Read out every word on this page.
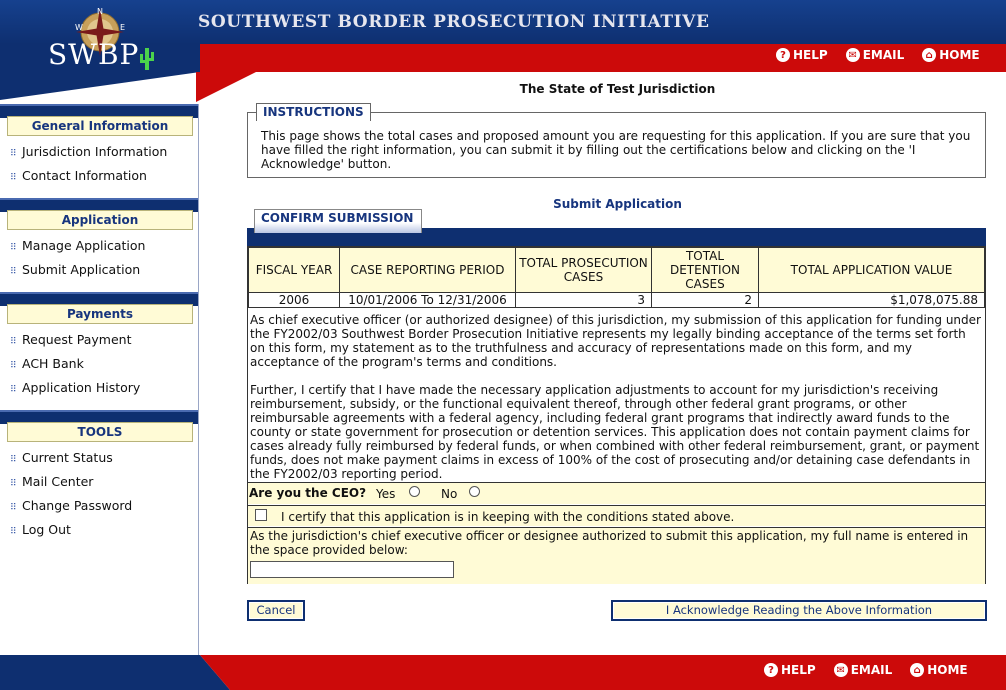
N
W	E
SWBP
SOUTHWEST BORDER PROSECUTION INITIATIVE
? HELP ✉ EMAIL	⌂ HOME
General Information
⠿ Jurisdiction Information
⠿ Contact Information
Application
⠿ Manage Application
⠿ Submit Application
Payments
⠿ Request Payment
⠿ ACH Bank
⠿ Application History
TOOLS
⠿ Current Status
⠿ Mail Center
⠿ Change Password
⠿ Log Out
The State of Test Jurisdiction
INSTRUCTIONS
This page shows the total cases and proposed amount you are requesting for this application. If you are sure that you have filled the right information, you can submit it by filling out the certifications below and clicking on the 'I Acknowledge' button.
Submit Application
CONFIRM SUBMISSION
FISCAL YEAR	CASE REPORTING PERIOD	TOTAL PROSECUTION CASES	TOTAL DETENTION CASES	TOTAL APPLICATION VALUE
2006	10/01/2006 To 12/31/2006	3	2	$1,078,075.88
As chief executive officer (or authorized designee) of this jurisdiction, my submission of this application for funding under the FY2002/03 Southwest Border Prosecution Initiative represents my legally binding acceptance of the terms set forth on this form, my statement as to the truthfulness and accuracy of representations made on this form, and my acceptance of the program's terms and conditions.
Further, I certify that I have made the necessary application adjustments to account for my jurisdiction's receiving reimbursement, subsidy, or the functional equivalent thereof, through other federal grant programs, or other reimbursable agreements with a federal agency, including federal grant programs that indirectly award funds to the county or state government for prosecution or detention services. This application does not contain payment claims for cases already fully reimbursed by federal funds, or when combined with other federal reimbursement, grant, or payment funds, does not make payment claims in excess of 100% of the cost of prosecuting and/or detaining case defendants in the FY2002/03 reporting period.
Are you the CEO? Yes	No
I certify that this application is in keeping with the conditions stated above.
As the jurisdiction's chief executive officer or designee authorized to submit this application, my full name is entered in the space provided below:
Cancel	I Acknowledge Reading the Above Information
? HELP ✉ EMAIL	⌂ HOME
